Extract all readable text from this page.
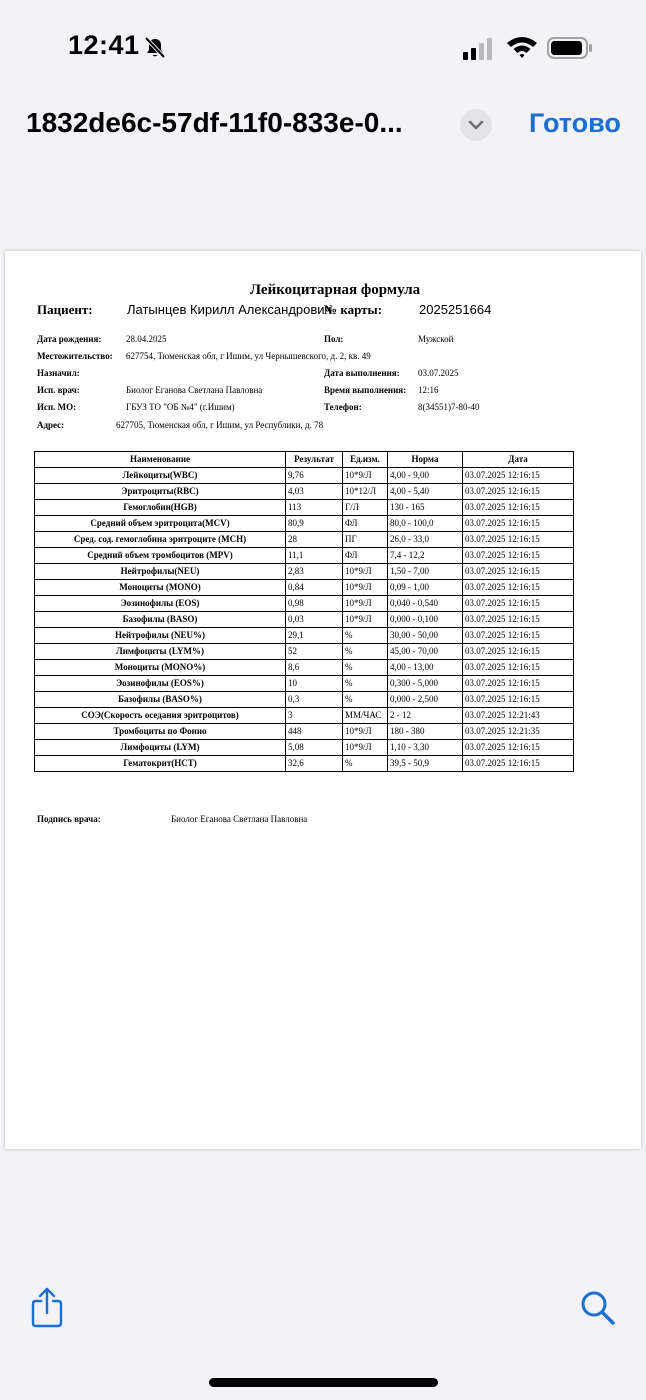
12:41
1832de6c-57df-11f0-833e-0...	Готово
Лейкоцитарная формула
Пациент:	Латынцев Кирилл Александрович
№ карты:	2025251664
Дата рождения:	28.04.2025	Пол:	Мужской
Местожительство: 627754, Тюменская обл, г Ишим, ул Чернышевского, д. 2, кв. 49
Назначил:	Дата выполнения: 03.07.2025
Исп. врач:	Биолог Еганова Светлана Павловна	Время выполнения: 12:16
Исп. МО:	ГБУЗ ТО "ОБ №4" (г.Ишим)	Телефон:	8(34551)7-80-40
Адрес:	627705, Тюменская обл, г Ишим, ул Республики, д. 78
Наименование	Результат	Ед.изм.	Норма	Дата
Лейкоциты(WBC)	9,76	10*9/Л	4,00 - 9,00	03.07.2025 12:16:15
Эритроциты(RBC)	4,03	10*12/Л	4,00 - 5,40	03.07.2025 12:16:15
Гемоглобин(HGB)	113	Г/Л	130 - 165	03.07.2025 12:16:15
Средний объем эритроцита(MCV)	80,9	ФЛ	80,0 - 100,0	03.07.2025 12:16:15
Сред. сод. гемоглобина эритроците (MCH)	28	ПГ	26,0 - 33,0	03.07.2025 12:16:15
Средний объем тромбоцитов (MPV)	11,1	ФЛ	7,4 - 12,2	03.07.2025 12:16:15
Нейтрофилы(NEU)	2,83	10*9/Л	1,50 - 7,00	03.07.2025 12:16:15
Моноциты (MONO)	0,84	10*9/Л	0,09 - 1,00	03.07.2025 12:16:15
Эозинофилы (EOS)	0,98	10*9/Л	0,040 - 0,540	03.07.2025 12:16:15
Базофилы (BASO)	0,03	10*9/Л	0,000 - 0,100	03.07.2025 12:16:15
Нейтрофилы (NEU%)	29,1	%	30,00 - 50,00	03.07.2025 12:16:15
Лимфоциты (LYM%)	52	%	45,00 - 70,00	03.07.2025 12:16:15
Моноциты (MONO%)	8,6	%	4,00 - 13,00	03.07.2025 12:16:15
Эозинофилы (EOS%)	10	%	0,300 - 5,000	03.07.2025 12:16:15
Базофилы (BASO%)	0,3	%	0,000 - 2,500	03.07.2025 12:16:15
СОЭ(Скорость оседания эритроцитов)	3	ММ/ЧАС	2 - 12	03.07.2025 12:21:43
Тромбоциты по Фонио	448	10*9/Л	180 - 380	03.07.2025 12:21:35
Лимфоциты (LYM)	5,08	10*9/Л	1,10 - 3,30	03.07.2025 12:16:15
Гематокрит(HCT)	32,6	%	39,5 - 50,9	03.07.2025 12:16:15
Подпись врача:	Биолог Еганова Светлана Павловна
